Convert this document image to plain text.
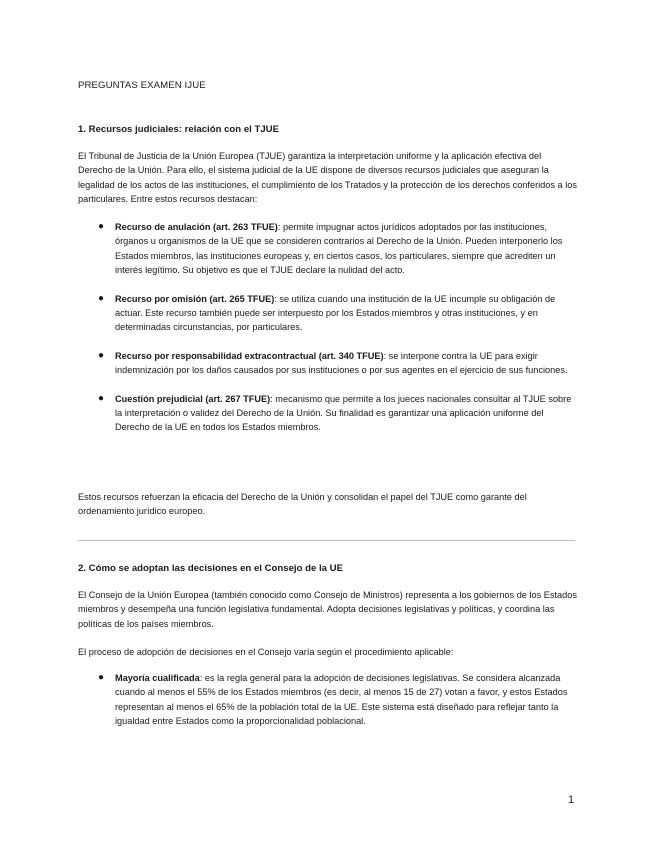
PREGUNTAS EXAMEN IJUE
1. Recursos judiciales: relación con el TJUE
El Tribunal de Justicia de la Unión Europea (TJUE) garantiza la interpretación uniforme y la aplicación efectiva del Derecho de la Unión. Para ello, el sistema judicial de la UE dispone de diversos recursos judiciales que aseguran la legalidad de los actos de las instituciones, el cumplimiento de los Tratados y la protección de los derechos conferidos a los particulares. Entre estos recursos destacan:
● Recurso de anulación (art. 263 TFUE): permite impugnar actos jurídicos adoptados por las instituciones, órganos u organismos de la UE que se consideren contrarios al Derecho de la Unión. Pueden interponerlo los Estados miembros, las instituciones europeas y, en ciertos casos, los particulares, siempre que acrediten un interés legítimo. Su objetivo es que el TJUE declare la nulidad del acto.
● Recurso por omisión (art. 265 TFUE): se utiliza cuando una institución de la UE incumple su obligación de actuar. Este recurso también puede ser interpuesto por los Estados miembros y otras instituciones, y en determinadas circunstancias, por particulares.
● Recurso por responsabilidad extracontractual (art. 340 TFUE): se interpone contra la UE para exigir indemnización por los daños causados por sus instituciones o por sus agentes en el ejercicio de sus funciones.
● Cuestión prejudicial (art. 267 TFUE): mecanismo que permite a los jueces nacionales consultar al TJUE sobre la interpretación o validez del Derecho de la Unión. Su finalidad es garantizar una aplicación uniforme del Derecho de la UE en todos los Estados miembros.
Estos recursos refuerzan la eficacia del Derecho de la Unión y consolidan el papel del TJUE como garante del ordenamiento jurídico europeo.
2. Cómo se adoptan las decisiones en el Consejo de la UE
El Consejo de la Unión Europea (también conocido como Consejo de Ministros) representa a los gobiernos de los Estados miembros y desempeña una función legislativa fundamental. Adopta decisiones legislativas y políticas, y coordina las políticas de los países miembros.
El proceso de adopción de decisiones en el Consejo varía según el procedimiento aplicable:
● Mayoría cualificada: es la regla general para la adopción de decisiones legislativas. Se considera alcanzada cuando al menos el 55% de los Estados miembros (es decir, al menos 15 de 27) votan a favor, y estos Estados representan al menos el 65% de la población total de la UE. Este sistema está diseñado para reflejar tanto la igualdad entre Estados como la proporcionalidad poblacional.
1
